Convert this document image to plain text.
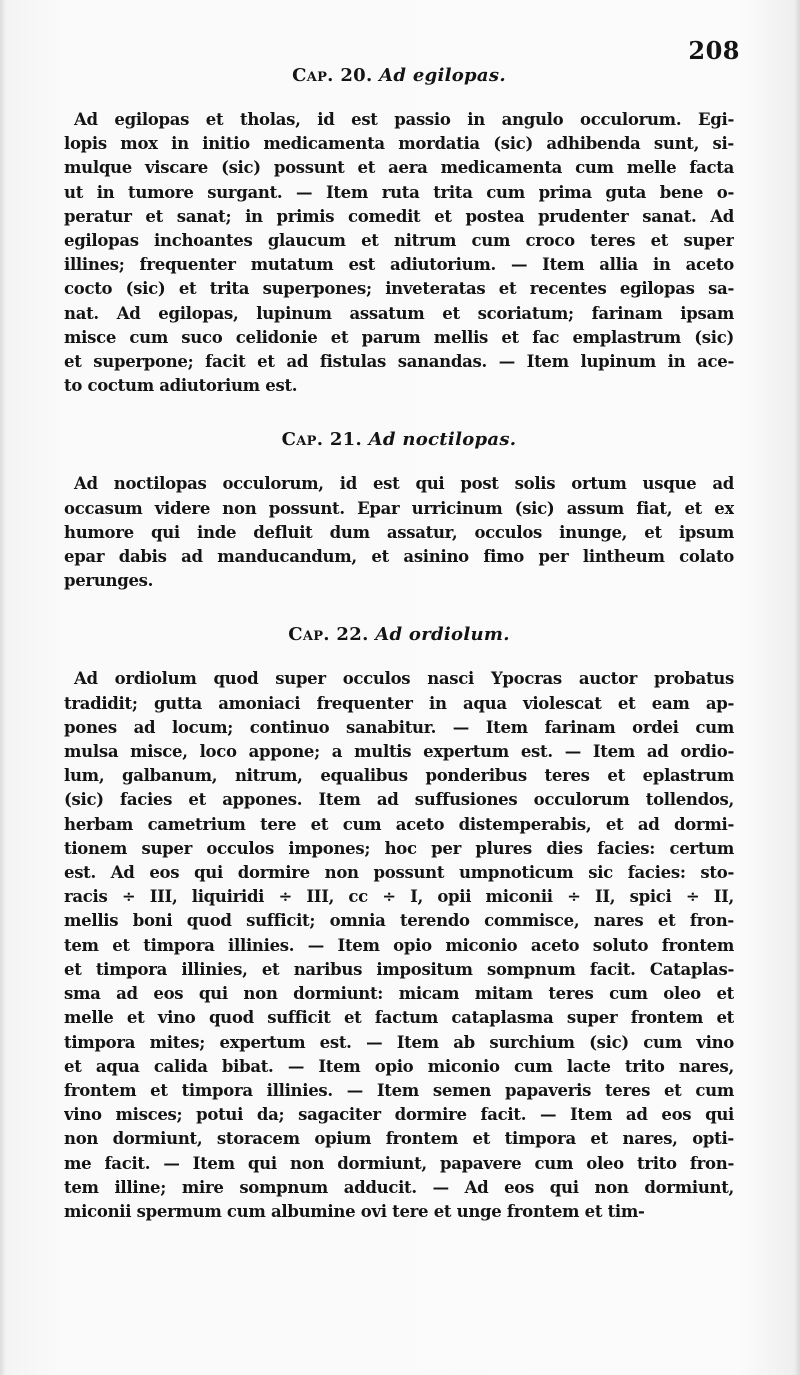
208
Cap. 20. Ad egilopas.
Ad egilopas et tholas, id est passio in angulo occulorum. Egi-
lopis mox in initio medicamenta mordatia (sic) adhibenda sunt, si-
mulque viscare (sic) possunt et aera medicamenta cum melle facta
ut in tumore surgant. — Item ruta trita cum prima guta bene o-
peratur et sanat; in primis comedit et postea prudenter sanat. Ad
egilopas inchoantes glaucum et nitrum cum croco teres et super
illines; frequenter mutatum est adiutorium. — Item allia in aceto
cocto (sic) et trita superpones; inveteratas et recentes egilopas sa-
nat. Ad egilopas, lupinum assatum et scoriatum; farinam ipsam
misce cum suco celidonie et parum mellis et fac emplastrum (sic)
et superpone; facit et ad fistulas sanandas. — Item lupinum in ace-
to coctum adiutorium est.
Cap. 21. Ad noctilopas.
Ad noctilopas occulorum, id est qui post solis ortum usque ad
occasum videre non possunt. Epar urricinum (sic) assum fiat, et ex
humore qui inde defluit dum assatur, occulos inunge, et ipsum
epar dabis ad manducandum, et asinino fimo per lintheum colato
perunges.
Cap. 22. Ad ordiolum.
Ad ordiolum quod super occulos nasci Ypocras auctor probatus
tradidit; gutta amoniaci frequenter in aqua violescat et eam ap-
pones ad locum; continuo sanabitur. — Item farinam ordei cum
mulsa misce, loco appone; a multis expertum est. — Item ad ordio-
lum, galbanum, nitrum, equalibus ponderibus teres et eplastrum
(sic) facies et appones. Item ad suffusiones occulorum tollendos,
herbam cametrium tere et cum aceto distemperabis, et ad dormi-
tionem super occulos impones; hoc per plures dies facies: certum
est. Ad eos qui dormire non possunt umpnoticum sic facies: sto-
racis ÷ III, liquiridi ÷ III, cc ÷ I, opii miconii ÷ II, spici ÷ II,
mellis boni quod sufficit; omnia terendo commisce, nares et fron-
tem et timpora illinies. — Item opio miconio aceto soluto frontem
et timpora illinies, et naribus impositum sompnum facit. Cataplas-
sma ad eos qui non dormiunt: micam mitam teres cum oleo et
melle et vino quod sufficit et factum cataplasma super frontem et
timpora mites; expertum est. — Item ab surchium (sic) cum vino
et aqua calida bibat. — Item opio miconio cum lacte trito nares,
frontem et timpora illinies. — Item semen papaveris teres et cum
vino misces; potui da; sagaciter dormire facit. — Item ad eos qui
non dormiunt, storacem opium frontem et timpora et nares, opti-
me facit. — Item qui non dormiunt, papavere cum oleo trito fron-
tem illine; mire sompnum adducit. — Ad eos qui non dormiunt,
miconii spermum cum albumine ovi tere et unge frontem et tim-
